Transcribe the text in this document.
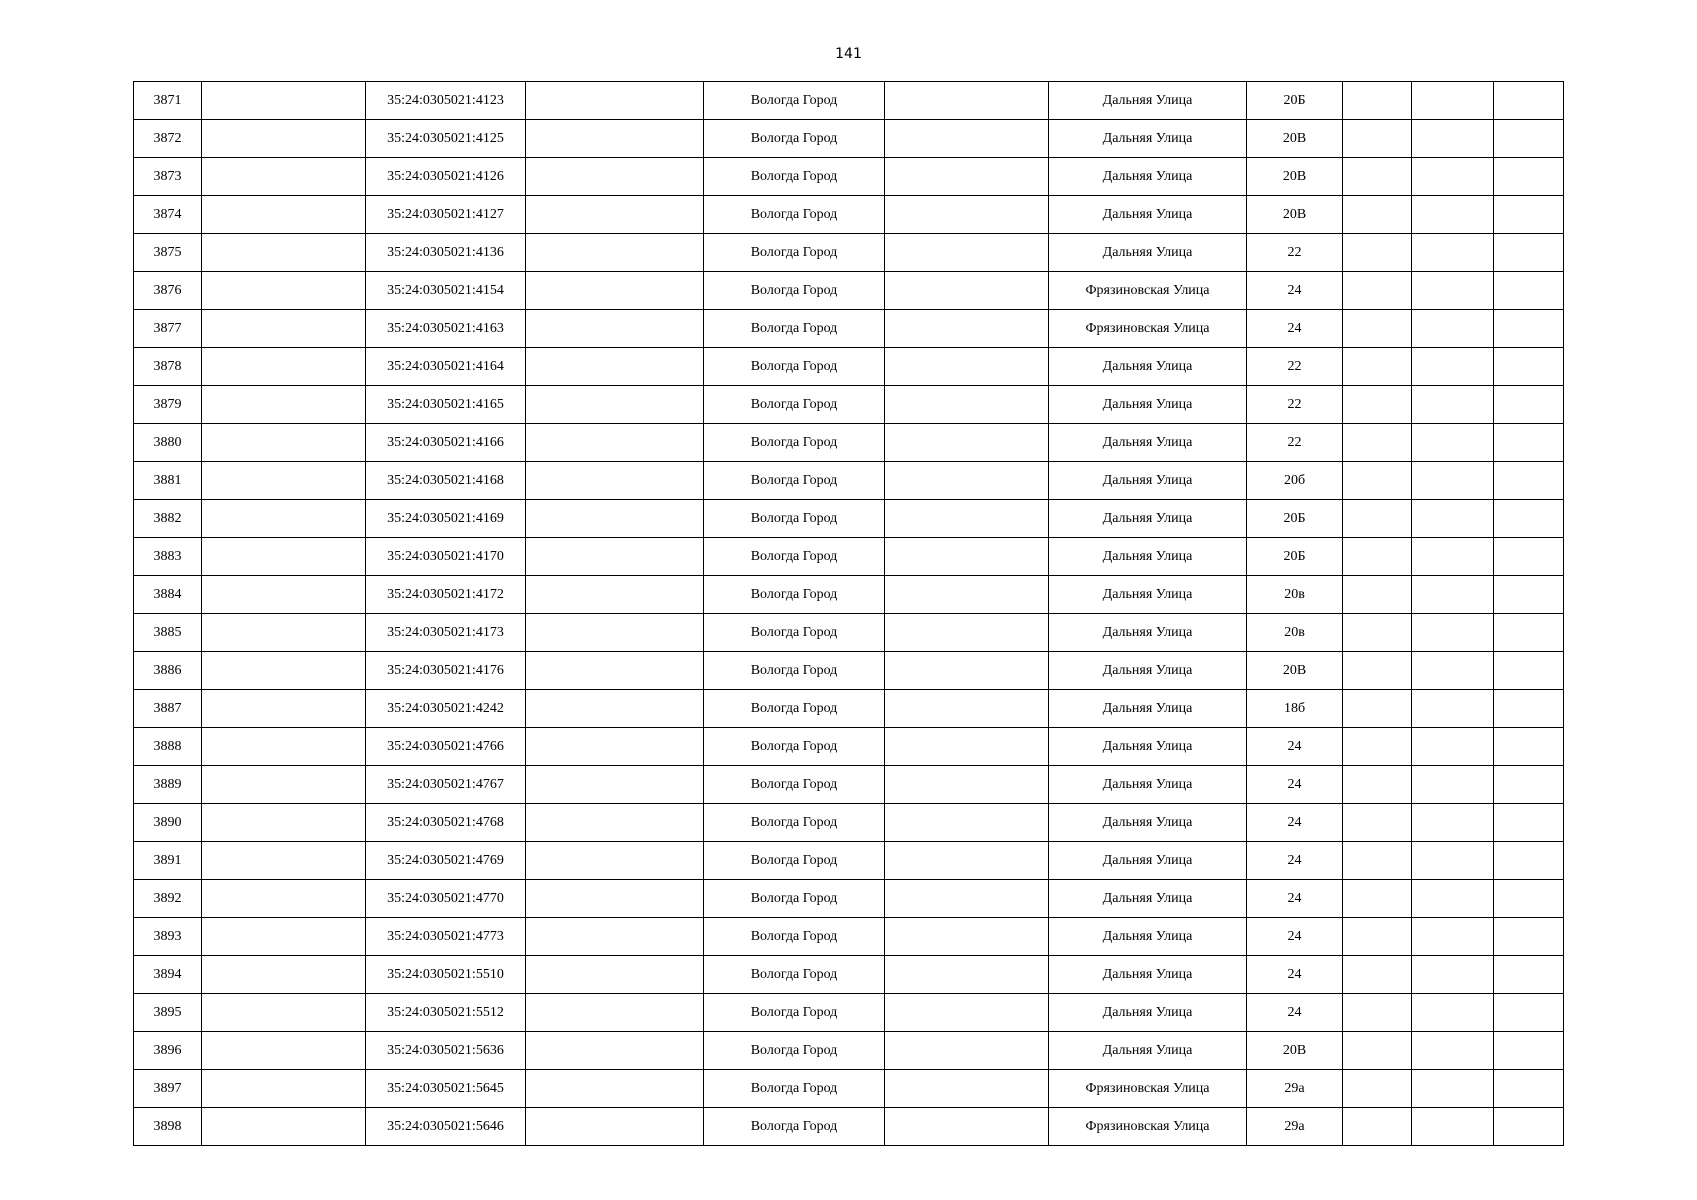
141
3871		35:24:0305021:4123		Вологда Город		Дальняя Улица	20Б			
3872		35:24:0305021:4125		Вологда Город		Дальняя Улица	20В			
3873		35:24:0305021:4126		Вологда Город		Дальняя Улица	20В			
3874		35:24:0305021:4127		Вологда Город		Дальняя Улица	20В			
3875		35:24:0305021:4136		Вологда Город		Дальняя Улица	22			
3876		35:24:0305021:4154		Вологда Город		Фрязиновская Улица	24			
3877		35:24:0305021:4163		Вологда Город		Фрязиновская Улица	24			
3878		35:24:0305021:4164		Вологда Город		Дальняя Улица	22			
3879		35:24:0305021:4165		Вологда Город		Дальняя Улица	22			
3880		35:24:0305021:4166		Вологда Город		Дальняя Улица	22			
3881		35:24:0305021:4168		Вологда Город		Дальняя Улица	20б			
3882		35:24:0305021:4169		Вологда Город		Дальняя Улица	20Б			
3883		35:24:0305021:4170		Вологда Город		Дальняя Улица	20Б			
3884		35:24:0305021:4172		Вологда Город		Дальняя Улица	20в			
3885		35:24:0305021:4173		Вологда Город		Дальняя Улица	20в			
3886		35:24:0305021:4176		Вологда Город		Дальняя Улица	20В			
3887		35:24:0305021:4242		Вологда Город		Дальняя Улица	18б			
3888		35:24:0305021:4766		Вологда Город		Дальняя Улица	24			
3889		35:24:0305021:4767		Вологда Город		Дальняя Улица	24			
3890		35:24:0305021:4768		Вологда Город		Дальняя Улица	24			
3891		35:24:0305021:4769		Вологда Город		Дальняя Улица	24			
3892		35:24:0305021:4770		Вологда Город		Дальняя Улица	24			
3893		35:24:0305021:4773		Вологда Город		Дальняя Улица	24			
3894		35:24:0305021:5510		Вологда Город		Дальняя Улица	24			
3895		35:24:0305021:5512		Вологда Город		Дальняя Улица	24			
3896		35:24:0305021:5636		Вологда Город		Дальняя Улица	20В			
3897		35:24:0305021:5645		Вологда Город		Фрязиновская Улица	29а			
3898		35:24:0305021:5646		Вологда Город		Фрязиновская Улица	29а			
